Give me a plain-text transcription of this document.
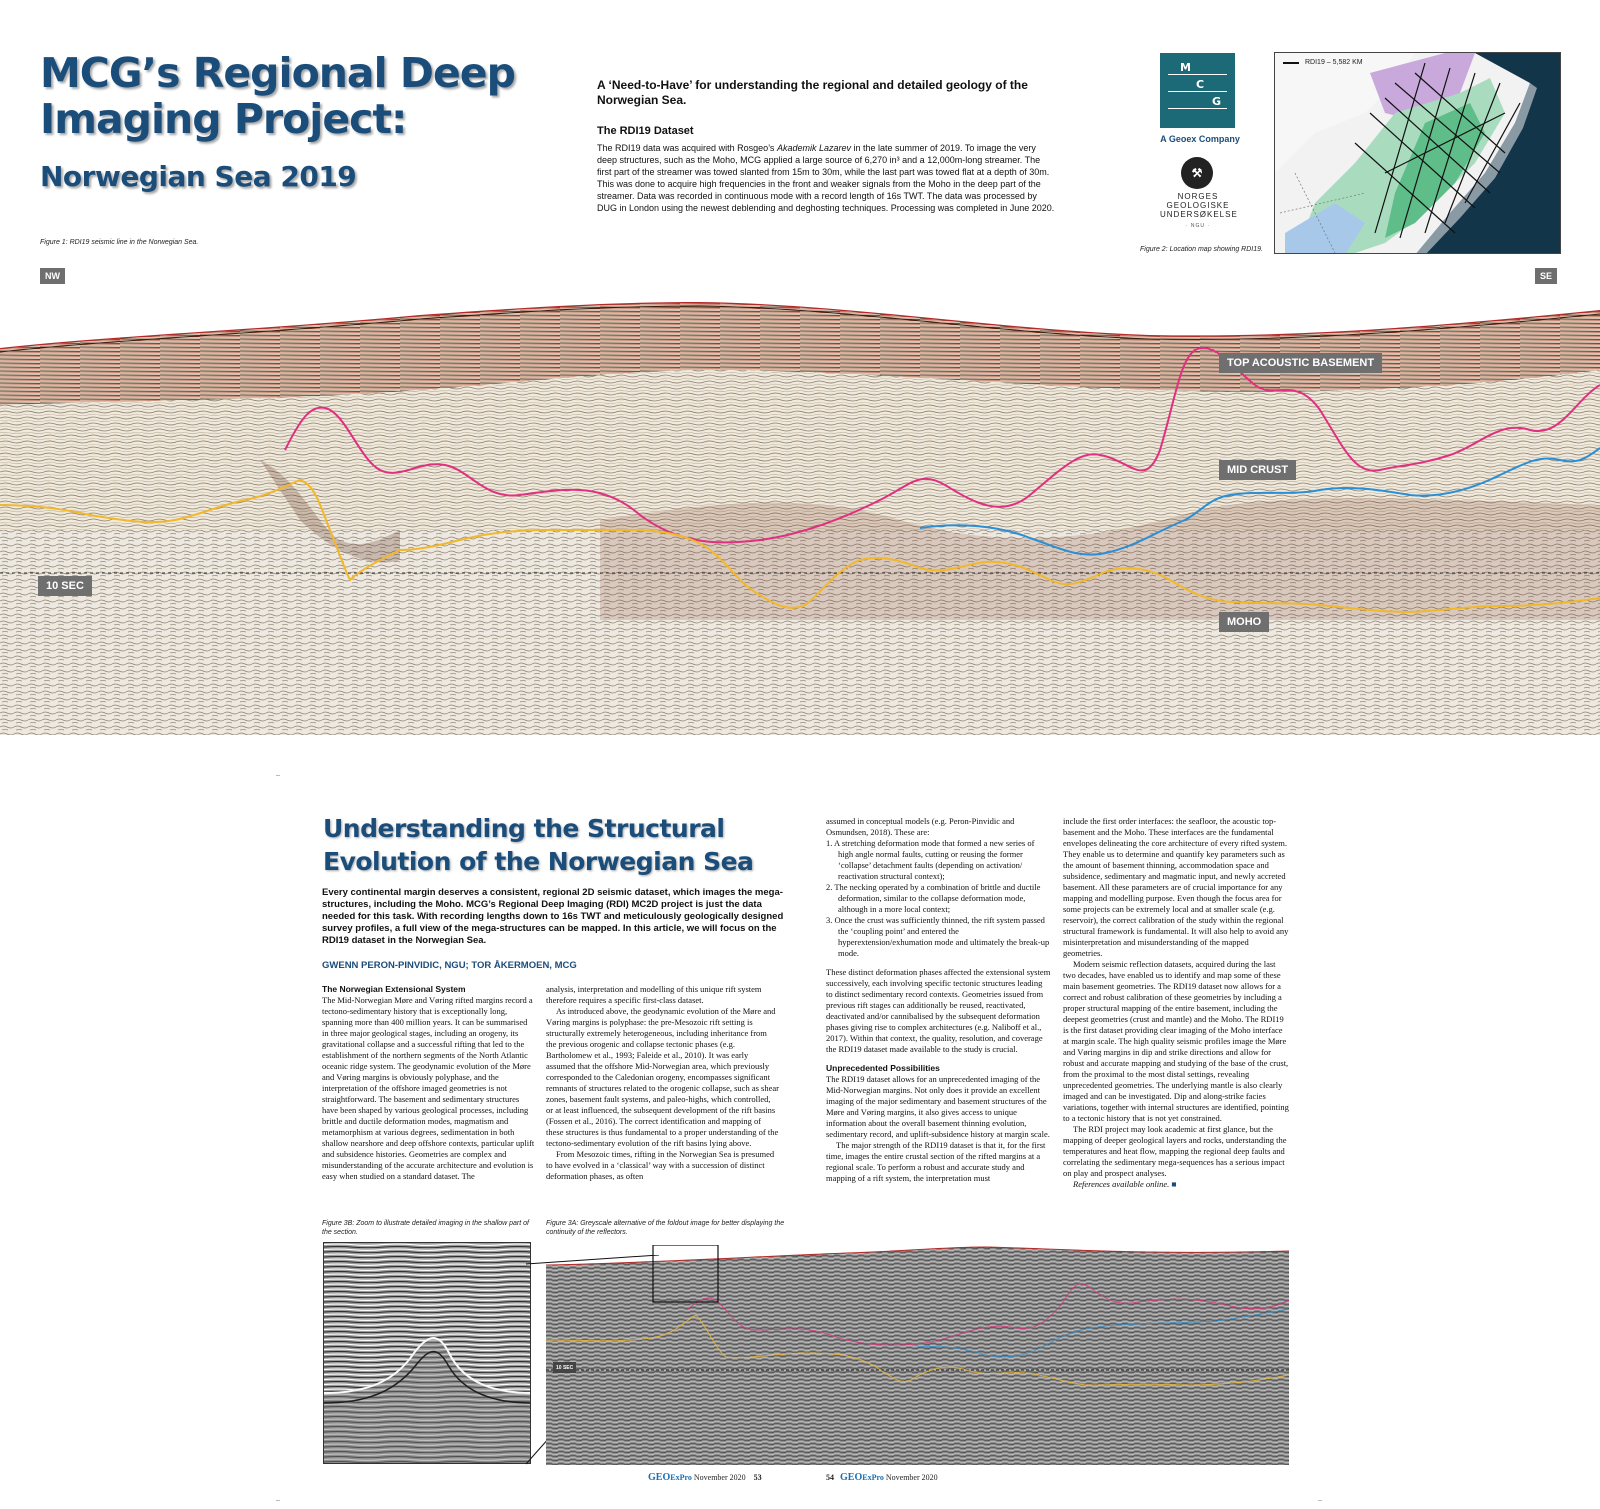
MCG’s Regional Deep
Imaging Project:
Norwegian Sea 2019
Figure 1: RDI19 seismic line in the Norwegian Sea.
A ‘Need-to-Have’ for understanding the regional and detailed geology of the Norwegian Sea.
The RDI19 Dataset
The RDI19 data was acquired with Rosgeo’s Akademik Lazarev in the late summer of 2019. To image the very deep structures, such as the Moho, MCG applied a large source of 6,270 in³ and a 12,000m-long streamer. The first part of the streamer was towed slanted from 15m to 30m, while the last part was towed flat at a depth of 30m. This was done to acquire high frequencies in the front and weaker signals from the Moho in the deep part of the streamer. Data was recorded in continuous mode with a record length of 16s TWT. The data was processed by DUG in London using the newest deblending and deghosting techniques. Processing was completed in June 2020.
M
C
G
A Geoex Company
⚒
NORGES
GEOLOGISKE
UNDERSØKELSE
· NGU ·
RDI19 – 5,582 KM
Figure 2: Location map showing RDI19.
NW	SE
TOP ACOUSTIC BASEMENT
MID CRUST
10 SEC
MOHO
Understanding the Structural
Evolution of the Norwegian Sea
Every continental margin deserves a consistent, regional 2D seismic dataset, which images the mega-structures, including the Moho. MCG’s Regional Deep Imaging (RDI) MC2D project is just the data needed for this task. With recording lengths down to 16s TWT and meticulously geologically designed survey profiles, a full view of the mega-structures can be mapped. In this article, we will focus on the RDI19 dataset in the Norwegian Sea.
GWENN PERON-PINVIDIC, NGU; TOR ÅKERMOEN, MCG

The Norwegian Extensional System

The Mid-Norwegian Møre and Vøring rifted margins record a tectono-sedimentary history that is exceptionally long, spanning more than 400 million years. It can be summarised in three major geological stages, including an orogeny, its gravitational collapse and a successful rifting that led to the establishment of the northern segments of the North Atlantic oceanic ridge system. The geodynamic evolution of the Møre and Vøring margins is obviously polyphase, and the interpretation of the offshore imaged geometries is not straightforward. The basement and sedimentary structures have been shaped by various geological processes, including brittle and ductile deformation modes, magmatism and metamorphism at various degrees, sedimentation in both shallow nearshore and deep offshore contexts, particular uplift and subsidence histories. Geometries are complex and misunderstanding of the accurate architecture and evolution is easy when studied on a standard dataset. The

analysis, interpretation and modelling of this unique rift system therefore requires a specific first-class dataset.

As introduced above, the geodynamic evolution of the Møre and Vøring margins is polyphase: the pre-Mesozoic rift setting is structurally extremely heterogeneous, including inheritance from the previous orogenic and collapse tectonic phases (e.g. Bartholomew et al., 1993; Faleide et al., 2010). It was early assumed that the offshore Mid-Norwegian area, which previously corresponded to the Caledonian orogeny, encompasses significant remnants of structures related to the orogenic collapse, such as shear zones, basement fault systems, and paleo-highs, which controlled, or at least influenced, the subsequent development of the rift basins (Fossen et al., 2016). The correct identification and mapping of these structures is thus fundamental to a proper understanding of the tectono-sedimentary evolution of the rift basins lying above.

From Mesozoic times, rifting in the Norwegian Sea is presumed to have evolved in a ‘classical’ way with a succession of distinct deformation phases, as often

assumed in conceptual models (e.g. Peron-Pinvidic and Osmundsen, 2018). These are:

1. A stretching deformation mode that formed a new series of high angle normal faults, cutting or reusing the former ‘collapse’ detachment faults (depending on activation/ reactivation structural context);

2. The necking operated by a combination of brittle and ductile deformation, similar to the collapse deformation mode, although in a more local context;

3. Once the crust was sufficiently thinned, the rift system passed the ‘coupling point’ and entered the hyperextension/exhumation mode and ultimately the break-up mode.

These distinct deformation phases affected the extensional system successively, each involving specific tectonic structures leading to distinct sedimentary record contexts. Geometries issued from previous rift stages can additionally be reused, reactivated, deactivated and/or cannibalised by the subsequent deformation phases giving rise to complex architectures (e.g. Naliboff et al., 2017). Within that context, the quality, resolution, and coverage the RDI19 dataset made available to the study is crucial.

Unprecedented Possibilities

The RDI19 dataset allows for an unprecedented imaging of the Mid-Norwegian margins. Not only does it provide an excellent imaging of the major sedimentary and basement structures of the Møre and Vøring margins, it also gives access to unique information about the overall basement thinning evolution, sedimentary record, and uplift-subsidence history at margin scale.

The major strength of the RDI19 dataset is that it, for the first time, images the entire crustal section of the rifted margins at a regional scale. To perform a robust and accurate study and mapping of a rift system, the interpretation must

include the first order interfaces: the seafloor, the acoustic top-basement and the Moho. These interfaces are the fundamental envelopes delineating the core architecture of every rifted system. They enable us to determine and quantify key parameters such as the amount of basement thinning, accommodation space and subsidence, sedimentary and magmatic input, and newly accreted basement. All these parameters are of crucial importance for any mapping and modelling purpose. Even though the focus area for some projects can be extremely local and at smaller scale (e.g. reservoir), the correct calibration of the study within the regional structural framework is fundamental. It will also help to avoid any misinterpretation and misunderstanding of the mapped geometries.

Modern seismic reflection datasets, acquired during the last two decades, have enabled us to identify and map some of these main basement geometries. The RDI19 dataset now allows for a correct and robust calibration of these geometries by including a proper structural mapping of the entire basement, including the deepest geometries (crust and mantle) and the Moho. The RDI19 is the first dataset providing clear imaging of the Moho interface at margin scale. The high quality seismic profiles image the Møre and Vøring margins in dip and strike directions and allow for robust and accurate mapping and studying of the base of the crust, from the proximal to the most distal settings, revealing unprecedented geometries. The underlying mantle is also clearly imaged and can be investigated. Dip and along-strike facies variations, together with internal structures are identified, pointing to a tectonic history that is not yet constrained.

The RDI project may look academic at first glance, but the mapping of deeper geological layers and rocks, understanding the temperatures and heat flow, mapping the regional deep faults and correlating the sedimentary mega-sequences has a serious impact on play and prospect analyses.

References available online. ■

Figure 3B: Zoom to illustrate detailed imaging in the shallow part of the section.
Figure 3A: Greyscale alternative of the foldout image for better displaying the continuity of the reflectors.
10 SEC
GEOExPro November 2020 53	54 GEOExPro November 2020
